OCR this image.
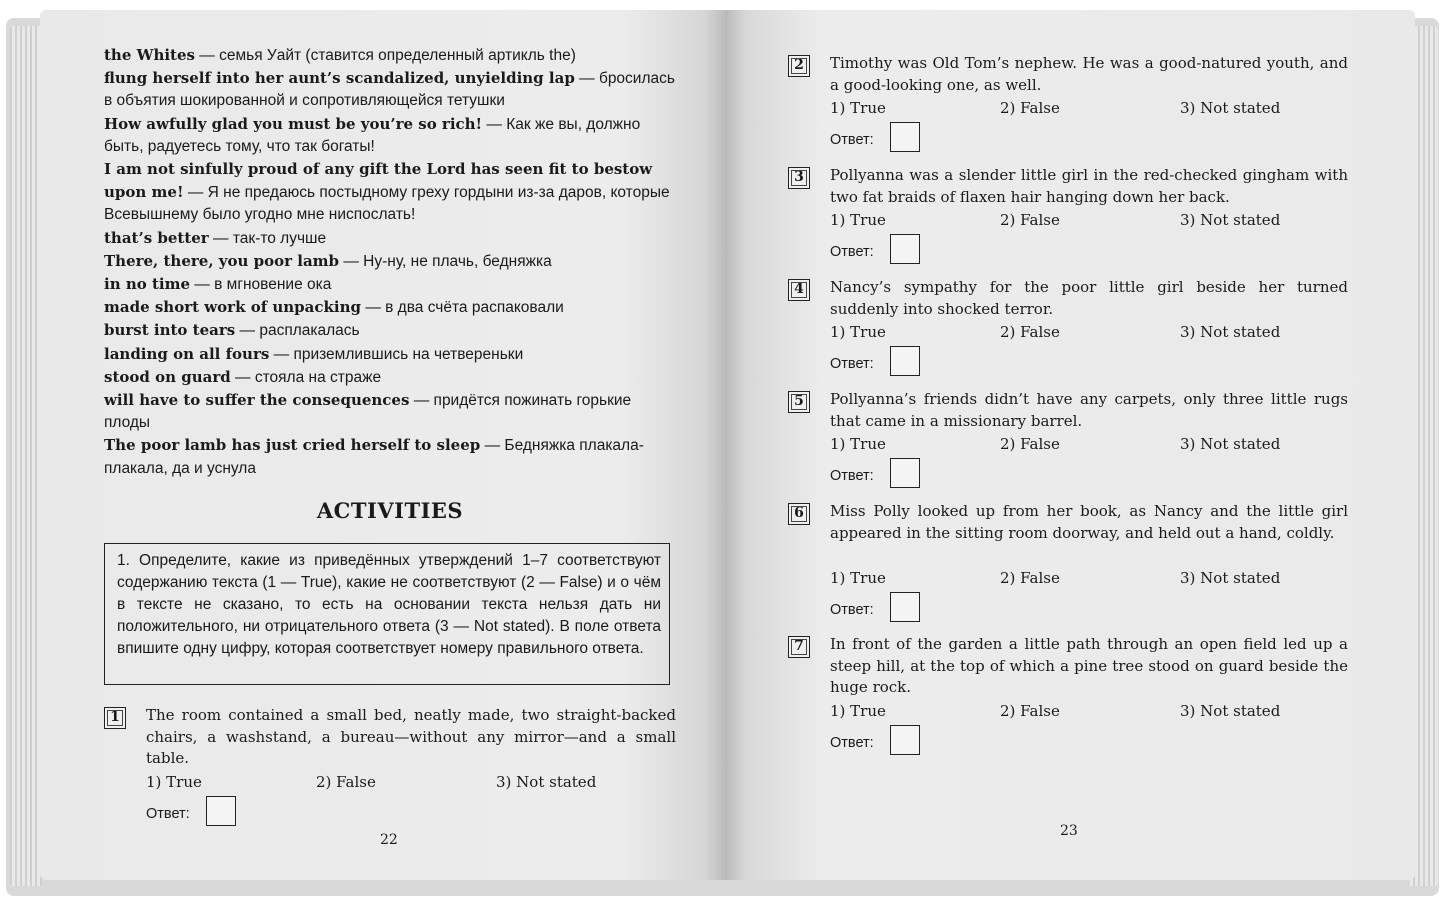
the Whites — семья Уайт (ставится определенный артикль the)
flung herself into her aunt’s scandalized, unyielding lap — бросилась в объятия шокированной и сопротивляющейся тетушки
How awfully glad you must be you’re so rich! — Как же вы, должно быть, радуетесь тому, что так богаты!
I am not sinfully proud of any gift the Lord has seen fit to bestow upon me! — Я не предаюсь постыдному греху гордыни из-за даров, которые Всевышнему было угодно мне ниспослать!
that’s better — так-то лучше
There, there, you poor lamb — Ну-ну, не плачь, бедняжка
in no time — в мгновение ока
made short work of unpacking — в два счёта распаковали
burst into tears — расплакалась
landing on all fours — приземлившись на четвереньки
stood on guard — стояла на страже
will have to suffer the consequences — придётся пожинать горькие плоды
The poor lamb has just cried herself to sleep — Бедняжка плакала-плакала, да и уснула
ACTIVITIES
1. Определите, какие из приведённых утверждений 1–7 соответствуют содержанию текста (1 — True), какие не соответствуют (2 — False) и о чём в тексте не сказано, то есть на основании текста нельзя дать ни положительного, ни отрицательного ответа (3 — Not stated). В поле ответа впишите одну цифру, которая соответствует номеру правильного ответа.
1	The room contained a small bed, neatly made, two straight-backed chairs, a washstand, a bureau—without any mirror—and a small table.
1) True	2) False	3) Not stated
Ответ:
2	Timothy was Old Tom’s nephew. He was a good-natured youth, and a good-looking one, as well.
1) True	2) False	3) Not stated
Ответ:
3	Pollyanna was a slender little girl in the red-checked gingham with two fat braids of flaxen hair hanging down her back.
1) True	2) False	3) Not stated
Ответ:
4	Nancy’s sympathy for the poor little girl beside her turned suddenly into shocked terror.
1) True	2) False	3) Not stated
Ответ:
5	Pollyanna’s friends didn’t have any carpets, only three little rugs that came in a missionary barrel.
1) True	2) False	3) Not stated
Ответ:
6	Miss Polly looked up from her book, as Nancy and the little girl appeared in the sitting room doorway, and held out a hand, coldly.
1) True	2) False	3) Not stated
Ответ:
7	In front of the garden a little path through an open field led up a steep hill, at the top of which a pine tree stood on guard beside the huge rock.
1) True	2) False	3) Not stated
Ответ:
22
23
